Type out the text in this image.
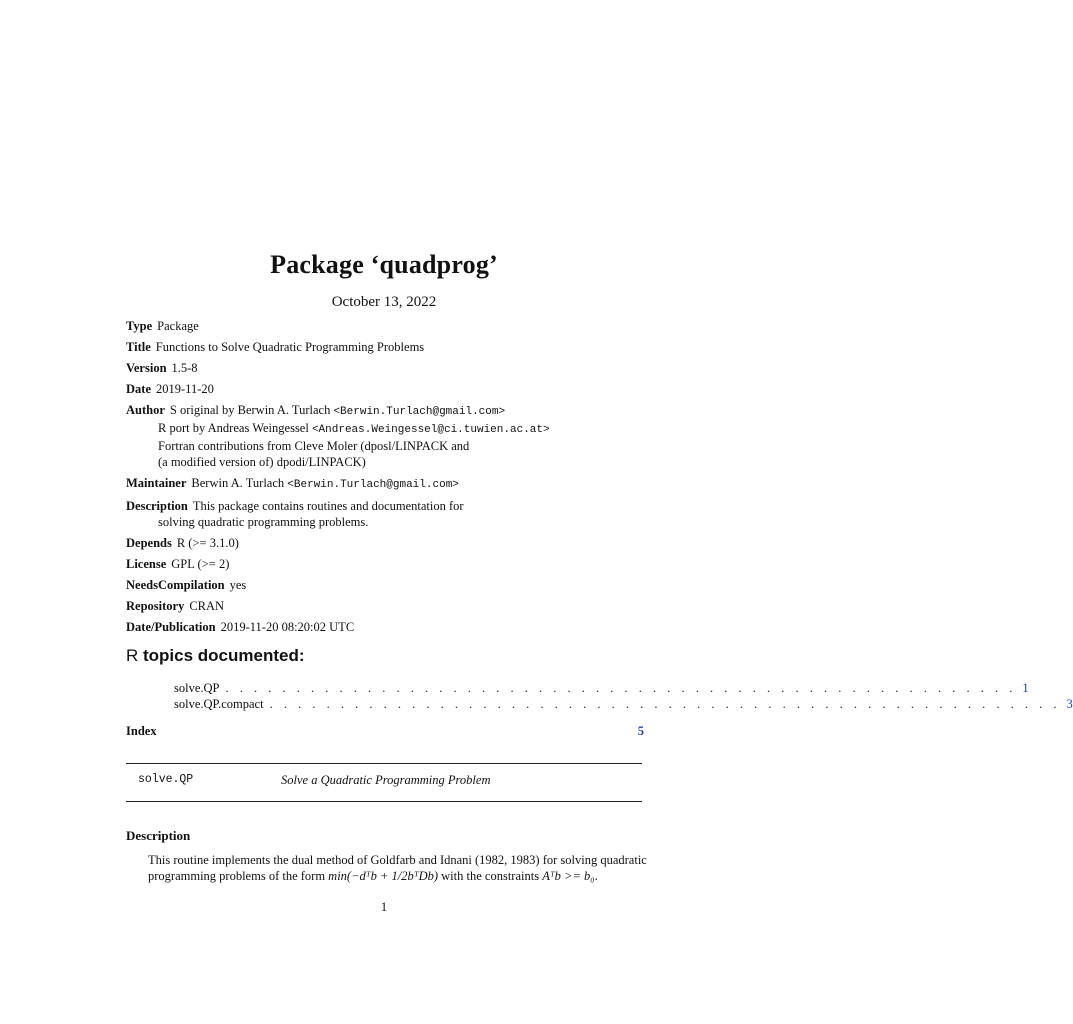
Package ‘quadprog’
October 13, 2022
Type Package
Title Functions to Solve Quadratic Programming Problems
Version 1.5-8
Date 2019-11-20
Author S original by Berwin A. Turlach <Berwin.Turlach@gmail.com>
R port by Andreas Weingessel <Andreas.Weingessel@ci.tuwien.ac.at>
Fortran contributions from Cleve Moler (dposl/LINPACK and
(a modified version of) dpodi/LINPACK)
Maintainer Berwin A. Turlach <Berwin.Turlach@gmail.com>
Description This package contains routines and documentation for
solving quadratic programming problems.
Depends R (>= 3.1.0)
License GPL (>= 2)
NeedsCompilation yes
Repository CRAN
Date/Publication 2019-11-20 08:20:02 UTC
R topics documented:
solve.QP . . . . . . . . . . . . . . . . . . . . . . . . . . . . . . . . . . . . . . . . . . . . . . . . . . . . . . . . 1
solve.QP.compact . . . . . . . . . . . . . . . . . . . . . . . . . . . . . . . . . . . . . . . . . . . . . . . . . . . . . . . . 3
Index	5
solve.QP	Solve a Quadratic Programming Problem
Description
This routine implements the dual method of Goldfarb and Idnani (1982, 1983) for solving quadratic
programming problems of the form min(−dᵀb + 1/2bᵀDb) with the constraints Aᵀb >= b₀.
1
